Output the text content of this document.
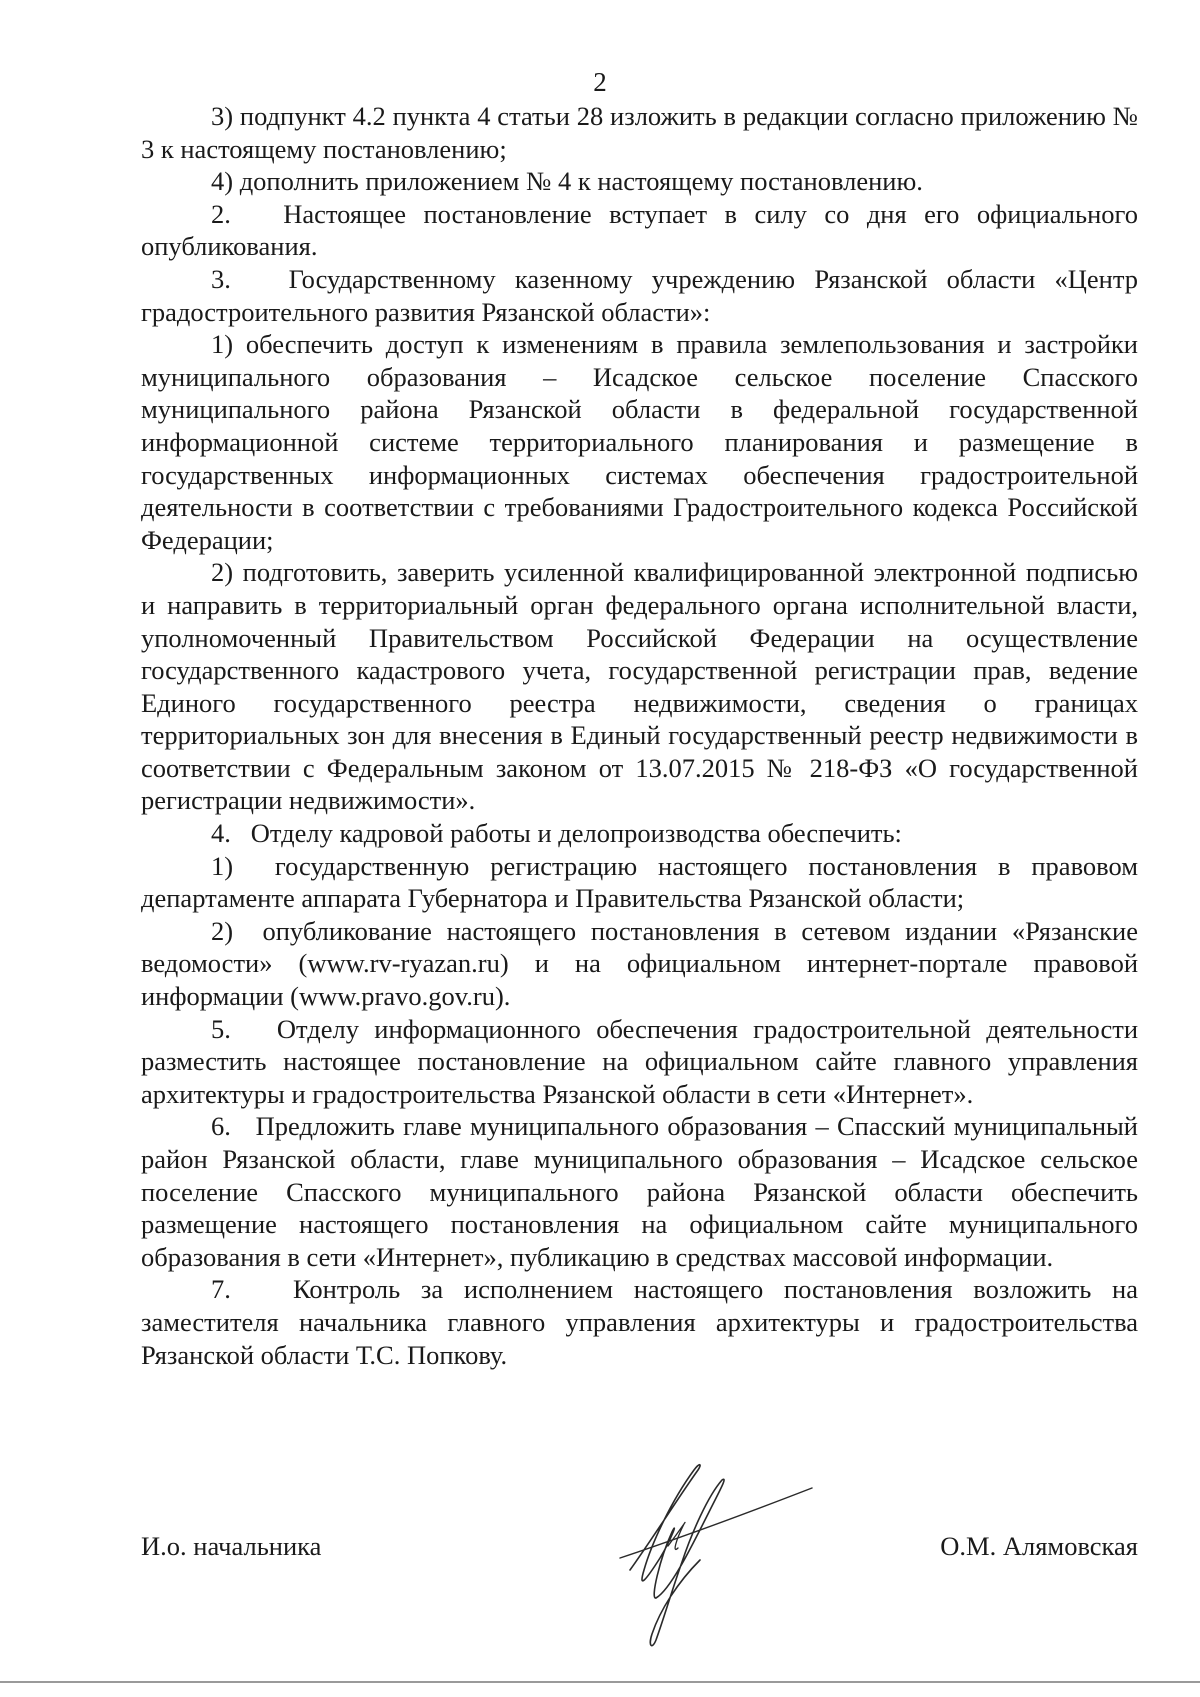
2

3) подпункт 4.2 пункта 4 статьи 28 изложить в редакции согласно приложению № 3 к настоящему постановлению;

4) дополнить приложением № 4 к настоящему постановлению.

2.   Настоящее постановление вступает в силу со дня его официального опубликования.

3.   Государственному казенному учреждению Рязанской области «Центр градостроительного развития Рязанской области»:

1) обеспечить доступ к изменениям в правила землепользования и застройки муниципального образования – Исадское сельское поселение Спасского муниципального района Рязанской области в федеральной государственной информационной системе территориального планирования и размещение в государственных информационных системах обеспечения градостроительной деятельности в соответствии с требованиями Градостроительного кодекса Российской Федерации;

2) подготовить, заверить усиленной квалифицированной электронной подписью и направить в территориальный орган федерального органа исполнительной власти, уполномоченный Правительством Российской Федерации на осуществление государственного кадастрового учета, государственной регистрации прав, ведение Единого государственного реестра недвижимости, сведения о границах территориальных зон для внесения в Единый государственный реестр недвижимости в соответствии с Федеральным законом от 13.07.2015 № 218-ФЗ «О государственной регистрации недвижимости».

4.   Отделу кадровой работы и делопроизводства обеспечить:

1)  государственную регистрацию настоящего постановления в правовом департаменте аппарата Губернатора и Правительства Рязанской области;

2)  опубликование настоящего постановления в сетевом издании «Рязанские ведомости» (www.rv-ryazan.ru) и на официальном интернет-портале правовой информации (www.pravo.gov.ru).

5.   Отделу информационного обеспечения градостроительной деятельности разместить настоящее постановление на официальном сайте главного управления архитектуры и градостроительства Рязанской области в сети «Интернет».

6.   Предложить главе муниципального образования – Спасский муниципальный район Рязанской области, главе муниципального образования – Исадское сельское поселение Спасского муниципального района Рязанской области обеспечить размещение настоящего постановления на официальном сайте муниципального образования в сети «Интернет», публикацию в средствах массовой информации.

7.   Контроль за исполнением настоящего постановления возложить на заместителя начальника главного управления архитектуры и градостроительства Рязанской области Т.С. Попкову.

И.о. начальника	О.М. Алямовская
